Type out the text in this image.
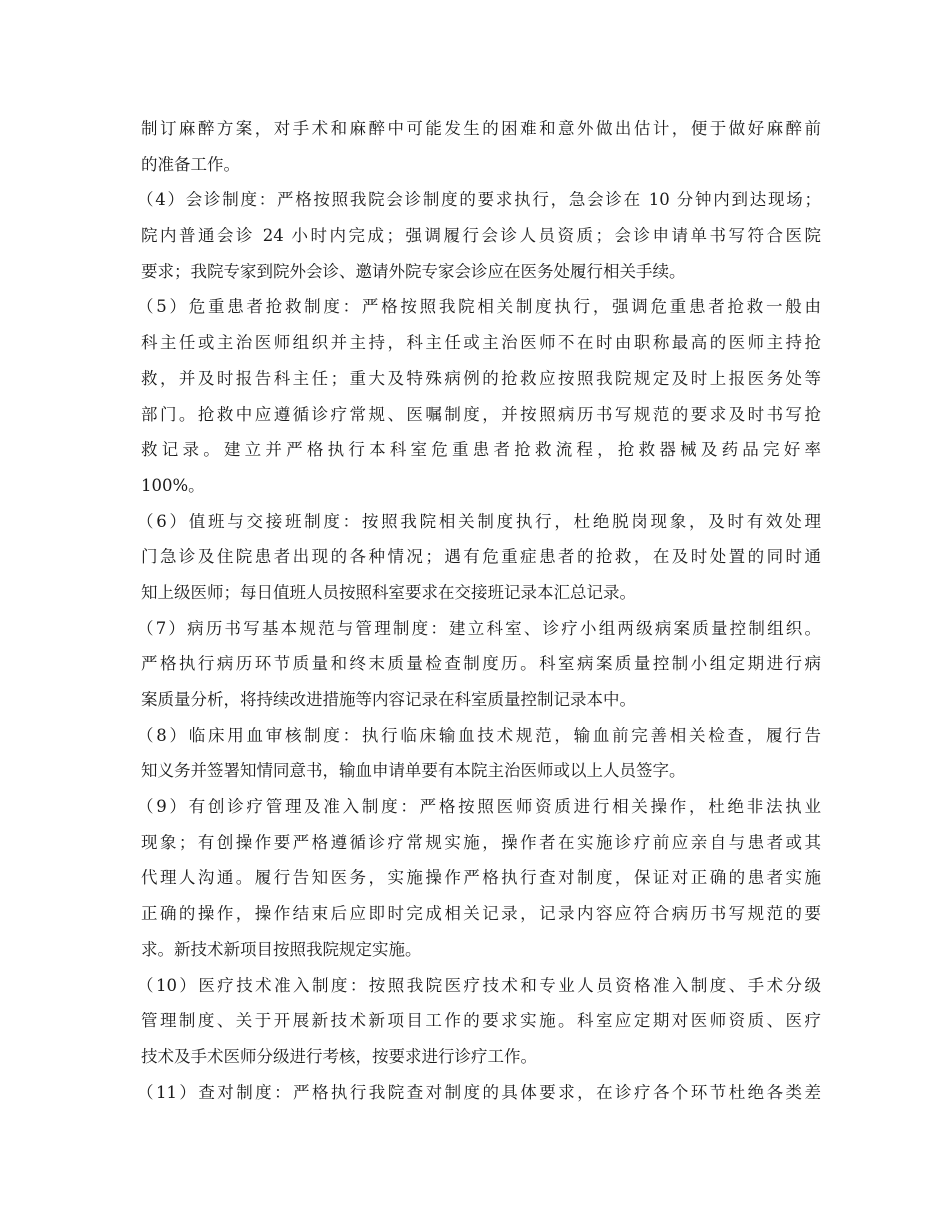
制订麻醉方案，对手术和麻醉中可能发生的困难和意外做出估计，便于做好麻醉前
的准备工作。
（4）会诊制度：严格按照我院会诊制度的要求执行，急会诊在 10 分钟内到达现场；
院内普通会诊 24 小时内完成；强调履行会诊人员资质；会诊申请单书写符合医院
要求；我院专家到院外会诊、邀请外院专家会诊应在医务处履行相关手续。
（5）危重患者抢救制度：严格按照我院相关制度执行，强调危重患者抢救一般由
科主任或主治医师组织并主持，科主任或主治医师不在时由职称最高的医师主持抢
救，并及时报告科主任；重大及特殊病例的抢救应按照我院规定及时上报医务处等
部门。抢救中应遵循诊疗常规、医嘱制度，并按照病历书写规范的要求及时书写抢
救记录。建立并严格执行本科室危重患者抢救流程，抢救器械及药品完好率
100%。
（6）值班与交接班制度：按照我院相关制度执行，杜绝脱岗现象，及时有效处理
门急诊及住院患者出现的各种情况；遇有危重症患者的抢救，在及时处置的同时通
知上级医师；每日值班人员按照科室要求在交接班记录本汇总记录。
（7）病历书写基本规范与管理制度：建立科室、诊疗小组两级病案质量控制组织。
严格执行病历环节质量和终末质量检查制度历。科室病案质量控制小组定期进行病
案质量分析，将持续改进措施等内容记录在科室质量控制记录本中。
（8）临床用血审核制度：执行临床输血技术规范，输血前完善相关检查，履行告
知义务并签署知情同意书，输血申请单要有本院主治医师或以上人员签字。
（9）有创诊疗管理及准入制度：严格按照医师资质进行相关操作，杜绝非法执业
现象；有创操作要严格遵循诊疗常规实施，操作者在实施诊疗前应亲自与患者或其
代理人沟通。履行告知医务，实施操作严格执行查对制度，保证对正确的患者实施
正确的操作，操作结束后应即时完成相关记录，记录内容应符合病历书写规范的要
求。新技术新项目按照我院规定实施。
（10）医疗技术准入制度：按照我院医疗技术和专业人员资格准入制度、手术分级
管理制度、关于开展新技术新项目工作的要求实施。科室应定期对医师资质、医疗
技术及手术医师分级进行考核，按要求进行诊疗工作。
（11）查对制度：严格执行我院查对制度的具体要求，在诊疗各个环节杜绝各类差
